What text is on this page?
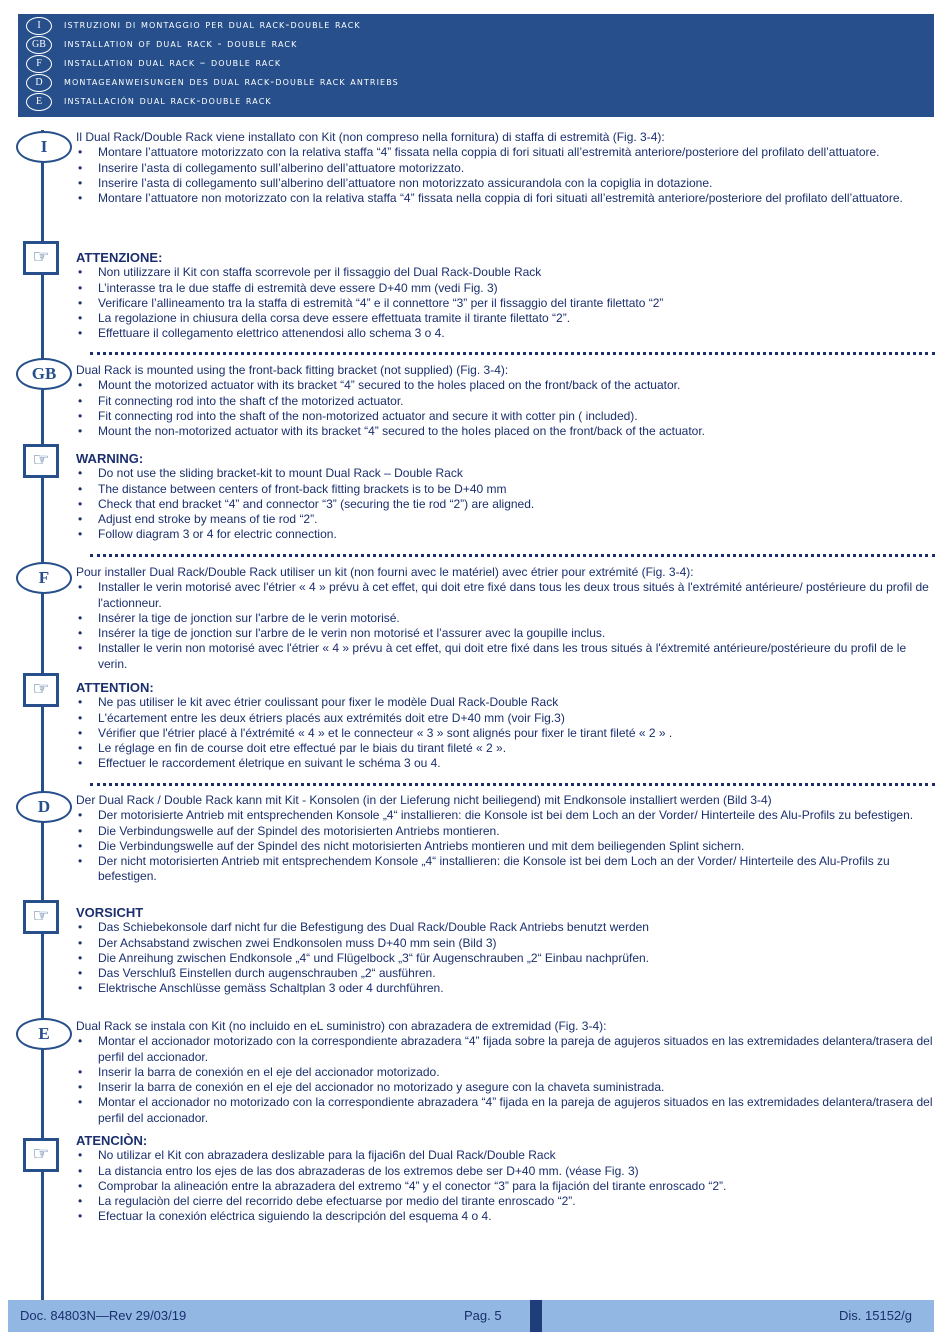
I	istruzioni di montaggio per dual rack-double rack
GB	installation of dual rack - double rack
F	installation dual rack – double rack
D	montageanweisungen des dual rack-double rack antriebs
E	installación dual rack-double rack
I	Il Dual Rack/Double Rack viene installato con Kit (non compreso nella fornitura) di staffa di estremità (Fig. 3-4):
• Montare l’attuatore motorizzato con la relativa staffa “4” fissata nella coppia di fori situati all’estremità anteriore/posteriore del profilato dell’attuatore.
• Inserire l’asta di collegamento sull’alberino dell’attuatore motorizzato.
• Inserire l’asta di collegamento sull’alberino dell’attuatore non motorizzato assicurandola con la copiglia in dotazione.
• Montare l’attuatore non motorizzato con la relativa staffa “4” fissata nella coppia di fori situati all’estremità anteriore/posteriore del profilato dell’attuatore.
☞	ATTENZIONE:
• Non utilizzare il Kit con staffa scorrevole per il fissaggio del Dual Rack-Double Rack
• L’interasse tra le due staffe di estremità deve essere D+40 mm (vedi Fig. 3)
• Verificare l’allineamento tra la staffa di estremità “4” e il connettore “3” per il fissaggio del tirante filettato “2”
• La regolazione in chiusura della corsa deve essere effettuata tramite il tirante filettato “2”.
• Effettuare il collegamento elettrico attenendosi allo schema 3 o 4.
GB	Dual Rack is mounted using the front-back fitting bracket (not supplied) (Fig. 3-4):
• Mount the motorized actuator with its bracket “4” secured to the holes placed on the front/back of the actuator.
• Fit connecting rod into the shaft cf the motorized actuator.
• Fit connecting rod into the shaft of the non-motorized actuator and secure it with cotter pin ( included).
• Mount the non-motorized actuator with its bracket “4” secured to the hoIes placed on the front/back of the actuator.
☞	WARNING:
• Do not use the sliding bracket-kit to mount Dual Rack – Double Rack
• The distance between centers of front-back fitting brackets is to be D+40 mm
• Check that end bracket “4” and connector “3” (securing the tie rod “2”) are aligned.
• Adjust end stroke by means of tie rod “2”.
• Follow diagram 3 or 4 for electric connection.
F	Pour installer Dual Rack/Double Rack utiliser un kit (non fourni avec le matériel) avec étrier pour extrémité (Fig. 3-4):
• Installer le verin motorisé avec l'étrier « 4 » prévu à cet effet, qui doit etre fixé dans tous les deux trous situés à l'extrémité antérieure/ postérieure du profil de l'actionneur.
• Insérer la tige de jonction sur l'arbre de le verin motorisé.
• Insérer la tige de jonction sur l'arbre de le verin non motorisé et l’assurer avec la goupille inclus.
• Installer le verin non motorisé avec l'étrier « 4 » prévu à cet effet, qui doit etre fixé dans les trous situés à l'éxtremité antérieure/postérieure du profil de le verin.
☞	ATTENTION:
• Ne pas utiliser le kit avec étrier coulissant pour fixer le modèle Dual Rack-Double Rack
• L'écartement entre les deux étriers placés aux extrémités doit etre D+40 mm (voir Fig.3)
• Vérifier que l'étrier placé à l'éxtrémité « 4 » et le connecteur « 3 » sont alignés pour fixer le tirant fileté « 2 » .
• Le réglage en fin de course doit etre effectué par le biais du tirant fileté « 2 ».
• Effectuer le raccordement életrique en suivant le schéma 3 ou 4.
D	Der Dual Rack / Double Rack kann mit Kit - Konsolen (in der Lieferung nicht beiliegend) mit Endkonsole installiert werden (Bild 3-4)
• Der motorisierte Antrieb mit entsprechenden Konsole „4“ installieren: die Konsole ist bei dem Loch an der Vorder/ Hinterteile des Alu-Profils zu befestigen.
• Die Verbindungswelle auf der Spindel des motorisierten Antriebs montieren.
• Die Verbindungswelle auf der Spindel des nicht motorisierten Antriebs montieren und mit dem beiliegenden Splint sichern.
• Der nicht motorisierten Antrieb mit entsprechendem Konsole „4“ installieren: die Konsole ist bei dem Loch an der Vorder/ Hinterteile des Alu-Profils zu befestigen.
☞	VORSICHT
• Das Schiebekonsole darf nicht fur die Befestigung des Dual Rack/Double Rack Antriebs benutzt werden
• Der Achsabstand zwischen zwei Endkonsolen muss D+40 mm sein (Bild 3)
• Die Anreihung zwischen Endkonsole „4“ und Flügelbock „3“ für Augenschrauben „2“ Einbau nachprüfen.
• Das Verschluß Einstellen durch augenschrauben „2“ ausführen.
• Elektrische Anschlüsse gemäss Schaltplan 3 oder 4 durchführen.
E	Dual Rack se instala con Kit (no incluido en eL suministro) con abrazadera de extremidad (Fig. 3-4):
• Montar el accionador motorizado con la correspondiente abrazadera “4” fijada sobre la pareja de agujeros situados en las extremidades delantera/trasera del perfil del accionador.
• Inserir la barra de conexión en el eje del accionador motorizado.
• Inserir la barra de conexión en el eje del accionador no motorizado y asegure con la chaveta suministrada.
• Montar el accionador no motorizado con la correspondiente abrazadera “4” fijada en la pareja de agujeros situados en las extremidades delantera/trasera del perfil del accionador.
☞
ATENCIÒN:
• No utilizar el Kit con abrazadera deslizable para la fijaci6n del Dual Rack/Double Rack
• La distancia entro los ejes de las dos abrazaderas de los extremos debe ser D+40 mm. (véase Fig. 3)
• Comprobar la alineación entre la abrazadera del extremo “4” y el conector “3” para la fijación del tirante enroscado “2”.
• La regulaciòn del cierre del recorrido debe efectuarse por medio del tirante enroscado “2”.
• Efectuar la conexión eléctrica siguiendo la descripción del esquema 4 o 4.
Doc. 84803N—Rev 29/03/19	Pag. 5	Dis. 15152/g
